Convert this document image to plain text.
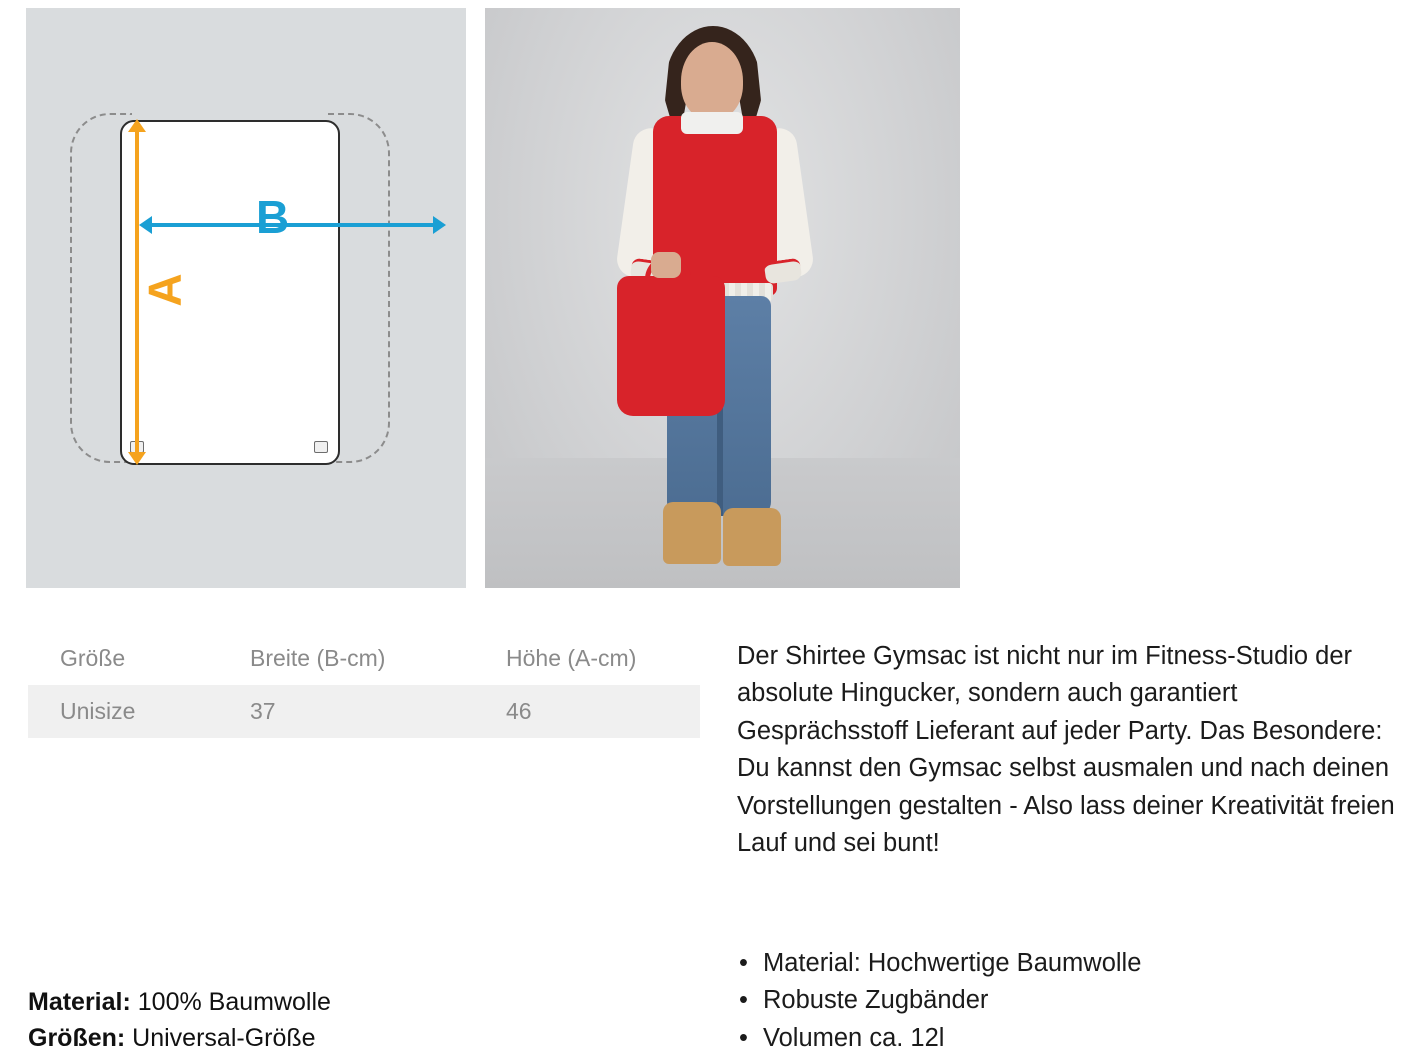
A
B
Größe	Breite (B-cm)	Höhe (A-cm)
Unisize	37	46
Material: 100% Baumwolle
Größen: Universal-Größe

Der Shirtee Gymsac ist nicht nur im Fitness-Studio der absolute Hingucker, sondern auch garantiert Gesprächsstoff Lieferant auf jeder Party. Das Besondere: Du kannst den Gymsac selbst ausmalen und nach deinen Vorstellungen gestalten - Also lass deiner Kreativität freien Lauf und sei bunt!

• Material: Hochwertige Baumwolle
• Robuste Zugbänder
• Volumen ca. 12l
